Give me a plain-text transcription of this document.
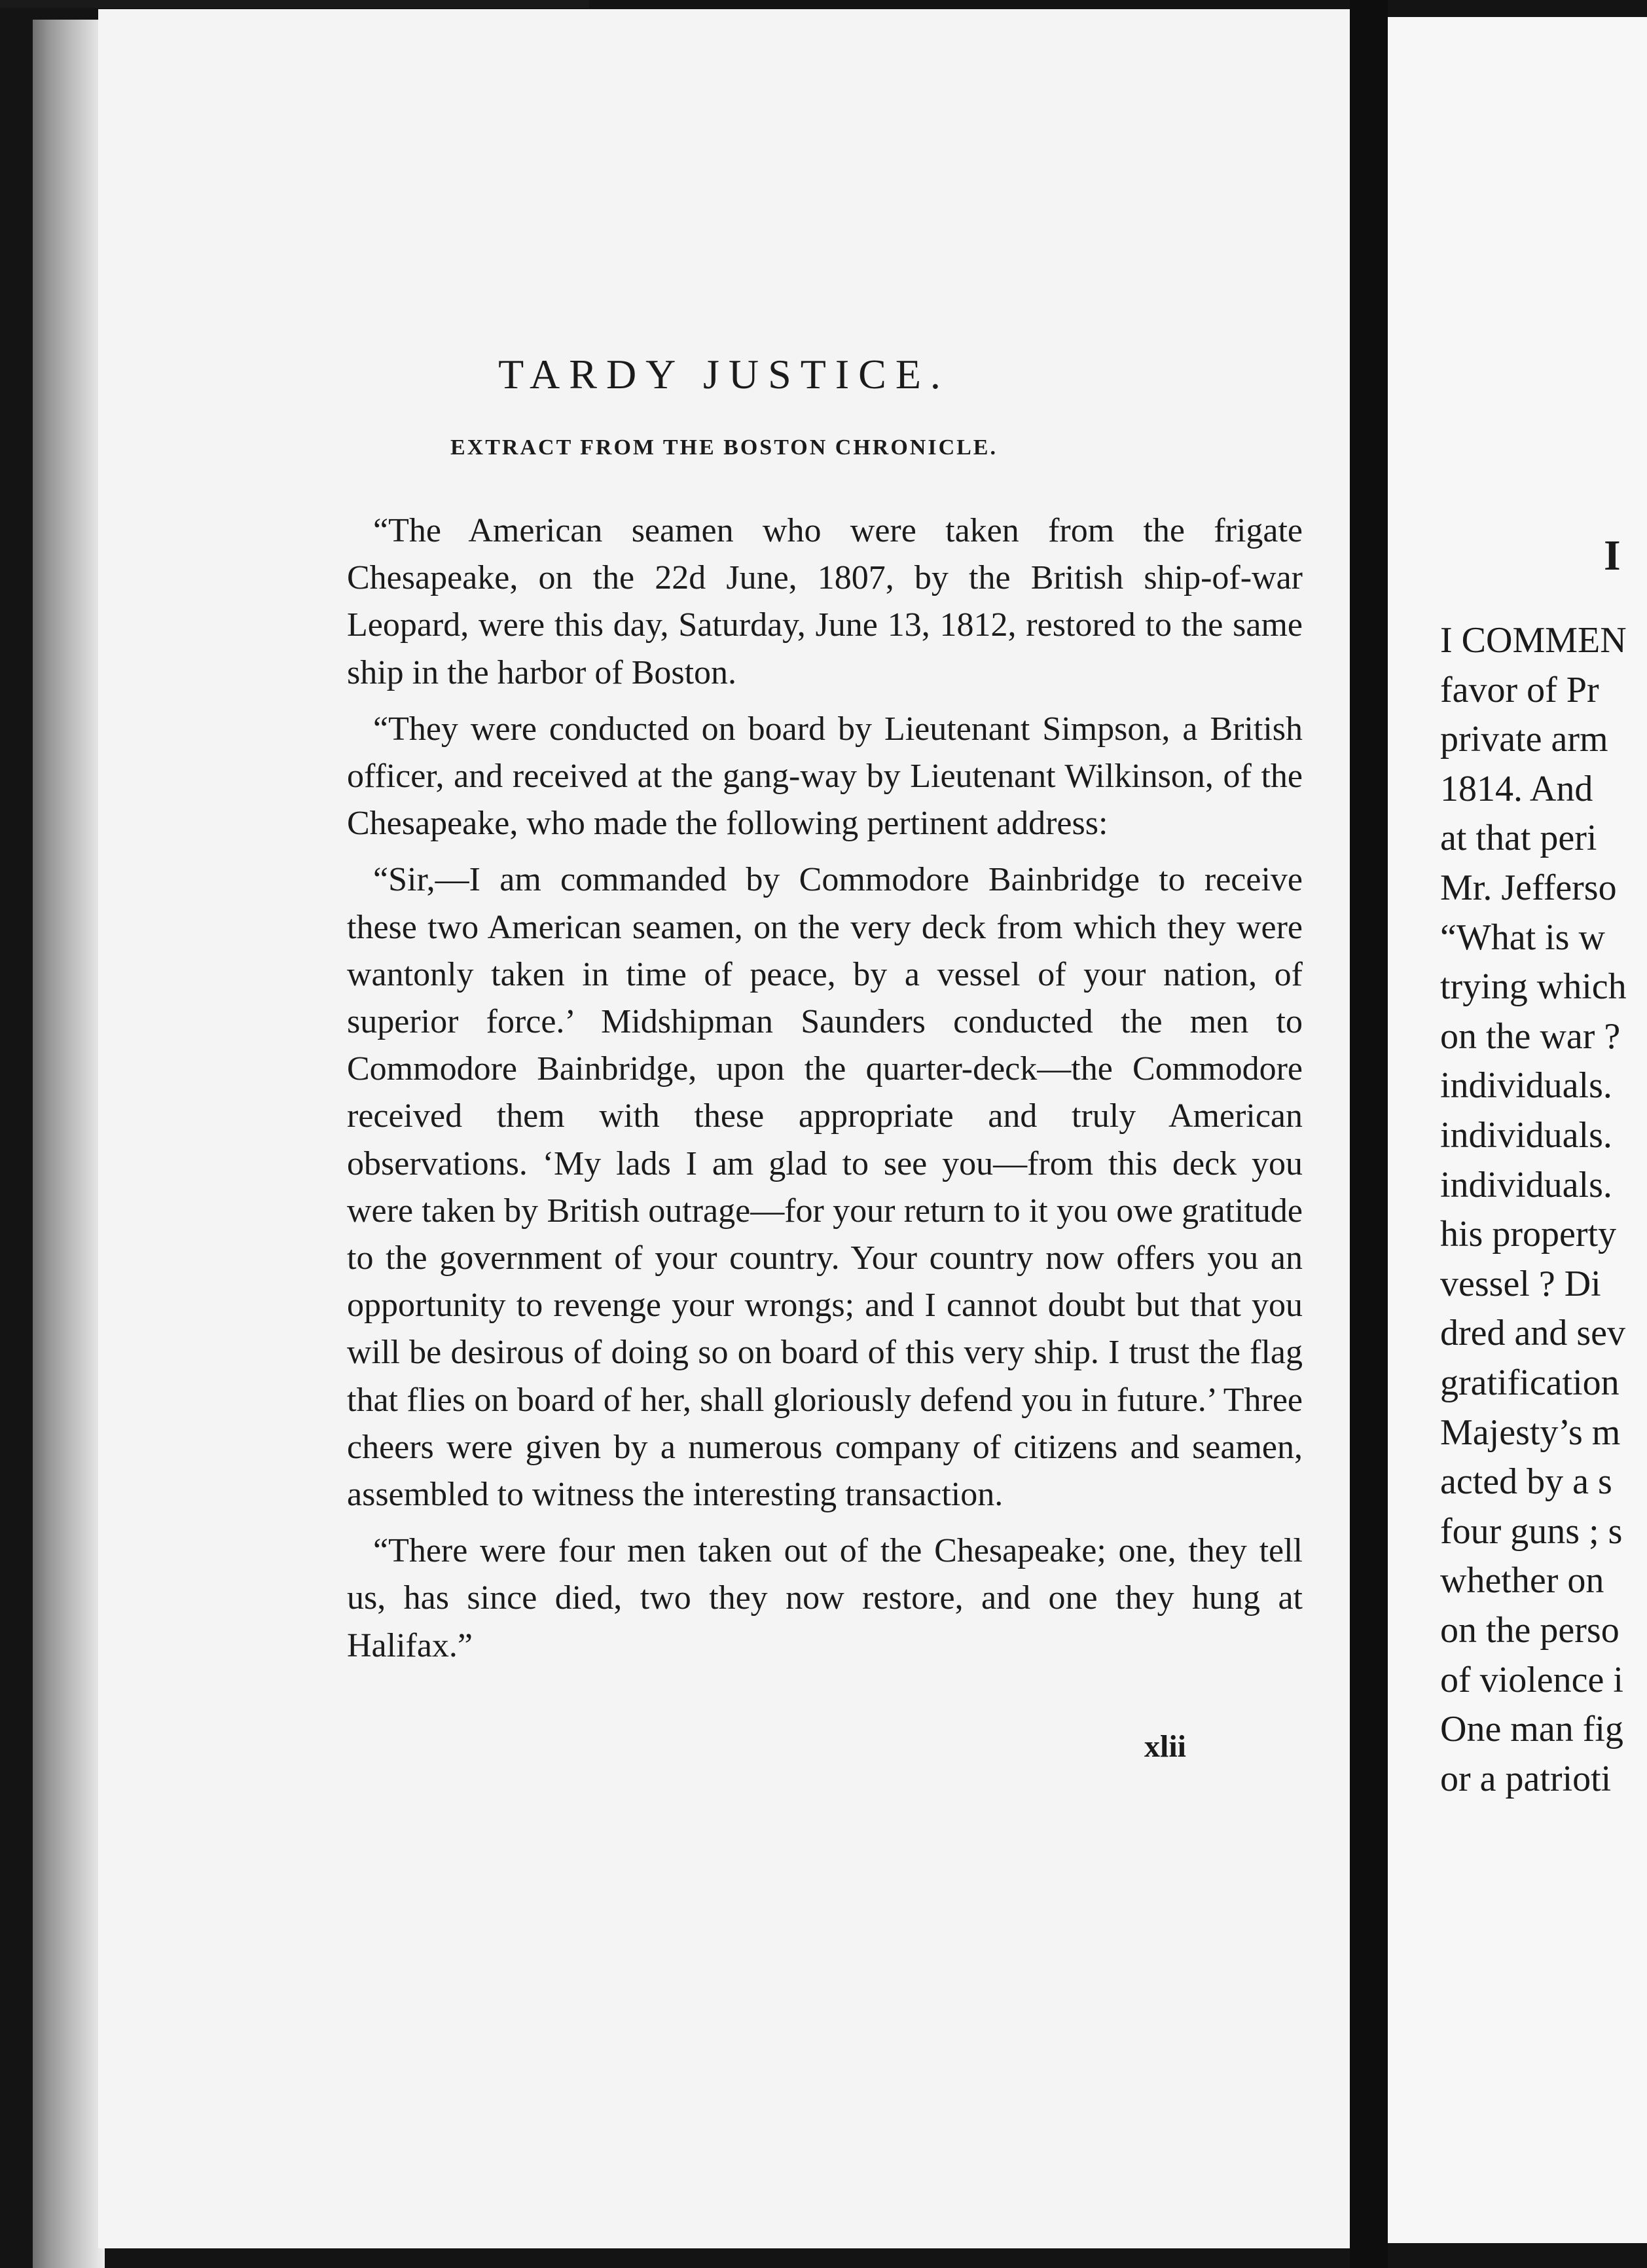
TARDY JUSTICE.
EXTRACT FROM THE BOSTON CHRONICLE.

“The American seamen who were taken from the frigate Chesapeake, on the 22d June, 1807, by the British ship-of-war Leopard, were this day, Saturday, June 13, 1812, restored to the same ship in the harbor of Boston.

“They were conducted on board by Lieutenant Simpson, a British officer, and received at the gang-way by Lieutenant Wilkinson, of the Chesapeake, who made the following pertinent address:

“Sir,—I am commanded by Commodore Bainbridge to receive these two American seamen, on the very deck from which they were wantonly taken in time of peace, by a vessel of your nation, of superior force.’ Midshipman Saunders conducted the men to Commodore Bainbridge, upon the quarter-deck—the Commodore received them with these appropriate and truly American observations. ‘My lads I am glad to see you—from this deck you were taken by British outrage—for your return to it you owe gratitude to the government of your country. Your country now offers you an opportunity to revenge your wrongs; and I cannot doubt but that you will be desirous of doing so on board of this very ship. I trust the flag that flies on board of her, shall gloriously defend you in future.’ Three cheers were given by a numerous company of citizens and seamen, assembled to witness the interesting transaction.

“There were four men taken out of the Chesapeake; one, they tell us, has since died, two they now restore, and one they hung at Halifax.”

xlii
I
I COMMEN
favor of Pr
private arm
1814. And
at that peri
Mr. Jefferso
“What is w
trying which
on the war ?
individuals.
individuals.
individuals.
his property
vessel ? Di
dred and sev
gratification
Majesty’s m
acted by a s
four guns ; s
whether on
on the perso
of violence i
One man fig
or a patrioti
